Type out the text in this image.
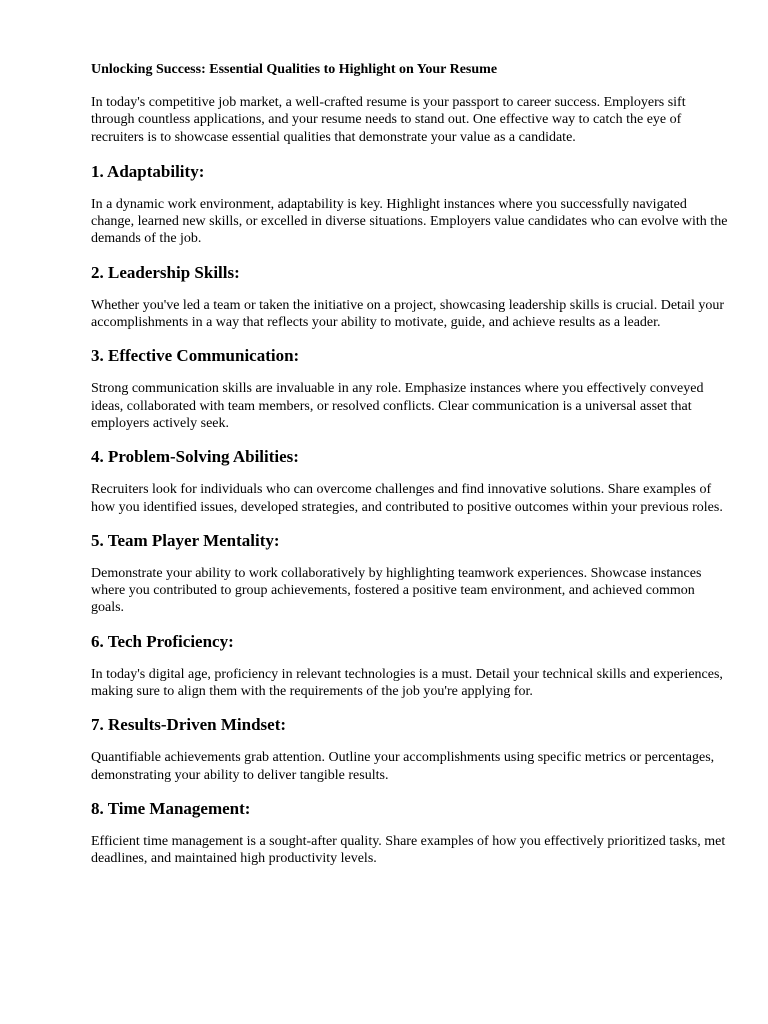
Unlocking Success: Essential Qualities to Highlight on Your Resume
In today's competitive job market, a well-crafted resume is your passport to career success. Employers sift through countless applications, and your resume needs to stand out. One effective way to catch the eye of recruiters is to showcase essential qualities that demonstrate your value as a candidate.
1. Adaptability:
In a dynamic work environment, adaptability is key. Highlight instances where you successfully navigated change, learned new skills, or excelled in diverse situations. Employers value candidates who can evolve with the demands of the job.
2. Leadership Skills:
Whether you've led a team or taken the initiative on a project, showcasing leadership skills is crucial. Detail your accomplishments in a way that reflects your ability to motivate, guide, and achieve results as a leader.
3. Effective Communication:
Strong communication skills are invaluable in any role. Emphasize instances where you effectively conveyed ideas, collaborated with team members, or resolved conflicts. Clear communication is a universal asset that employers actively seek.
4. Problem-Solving Abilities:
Recruiters look for individuals who can overcome challenges and find innovative solutions. Share examples of how you identified issues, developed strategies, and contributed to positive outcomes within your previous roles.
5. Team Player Mentality:
Demonstrate your ability to work collaboratively by highlighting teamwork experiences. Showcase instances where you contributed to group achievements, fostered a positive team environment, and achieved common goals.
6. Tech Proficiency:
In today's digital age, proficiency in relevant technologies is a must. Detail your technical skills and experiences, making sure to align them with the requirements of the job you're applying for.
7. Results-Driven Mindset:
Quantifiable achievements grab attention. Outline your accomplishments using specific metrics or percentages, demonstrating your ability to deliver tangible results.
8. Time Management:
Efficient time management is a sought-after quality. Share examples of how you effectively prioritized tasks, met deadlines, and maintained high productivity levels.
